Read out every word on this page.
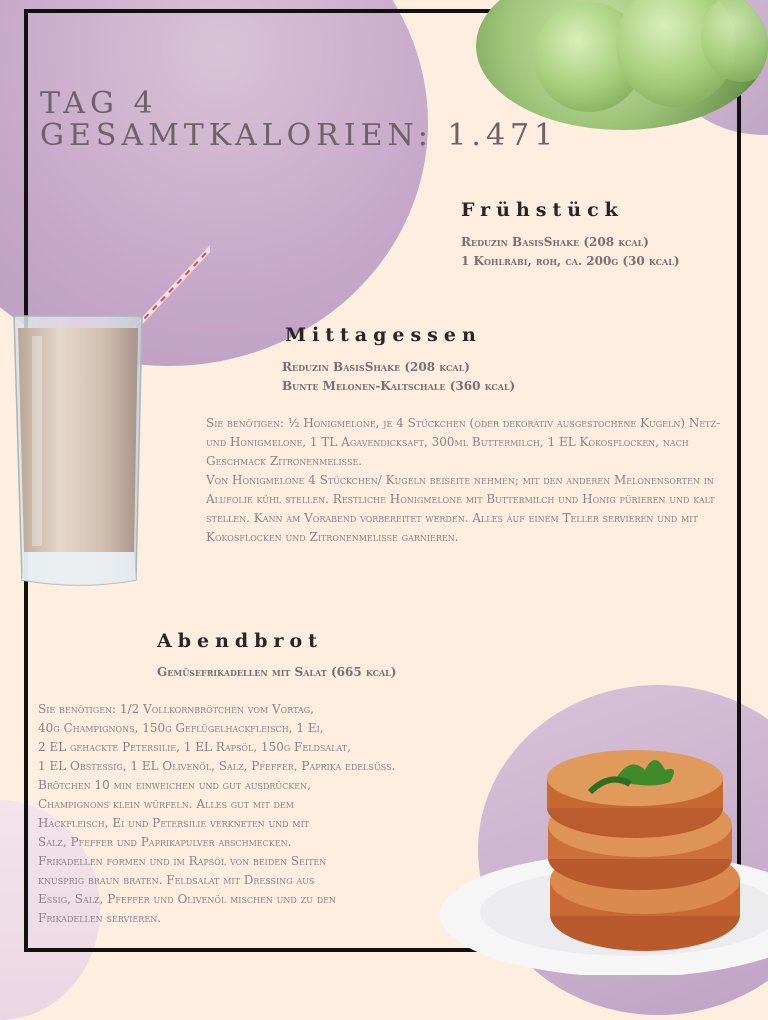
TAG 4
GESAMTKALORIEN: 1.471
Frühstück

Reduzin BasisShake (208 kcal)

1 Kohlrabi, roh, ca. 200g (30 kcal)

Mittagessen

Reduzin BasisShake (208 kcal)

Bunte Melonen-Kaltschale (360 kcal)

Sie benötigen: ½ Honigmelone, je 4 Stückchen (oder dekorativ ausgestochene Kugeln) Netz-und Honigmelone, 1 TL Agavendicksaft, 300ml Buttermilch, 1 EL Kokosflocken, nach Geschmack Zitronenmelisse.

Von Honigmelone 4 Stückchen/ Kugeln beiseite nehmen; mit den anderen Melonensorten in Alufolie kühl stellen. Restliche Honigmelone mit Buttermilch und Honig pürieren und kalt stellen. Kann am Vorabend vorbereitet werden. Alles auf einem Teller servieren und mit Kokosflocken und Zitronenmelisse garnieren.

Abendbrot

Gemüsefrikadellen mit Salat (665 kcal)

Sie benötigen: 1/2 Vollkornbrötchen vom Vortag,

40g Champignons, 150g Geflügelhackfleisch, 1 Ei,

2 EL gehackte Petersilie, 1 EL Rapsöl, 150g Feldsalat,

1 EL Obstessig, 1 EL Olivenöl, Salz, Pfeffer, Paprika edelsüss.

Brötchen 10 min einweichen und gut ausdrücken,

Champignons klein würfeln. Alles gut mit dem

Hackfleisch, Ei und Petersilie verkneten und mit

Salz, Pfeffer und Paprikapulver abschmecken.

Frikadellen formen und im Rapsöl von beiden Seiten

knusprig braun braten. Feldsalat mit Dressing aus

Essig, Salz, Pfeffer und Olivenöl mischen und zu den

Frikadellen servieren.
